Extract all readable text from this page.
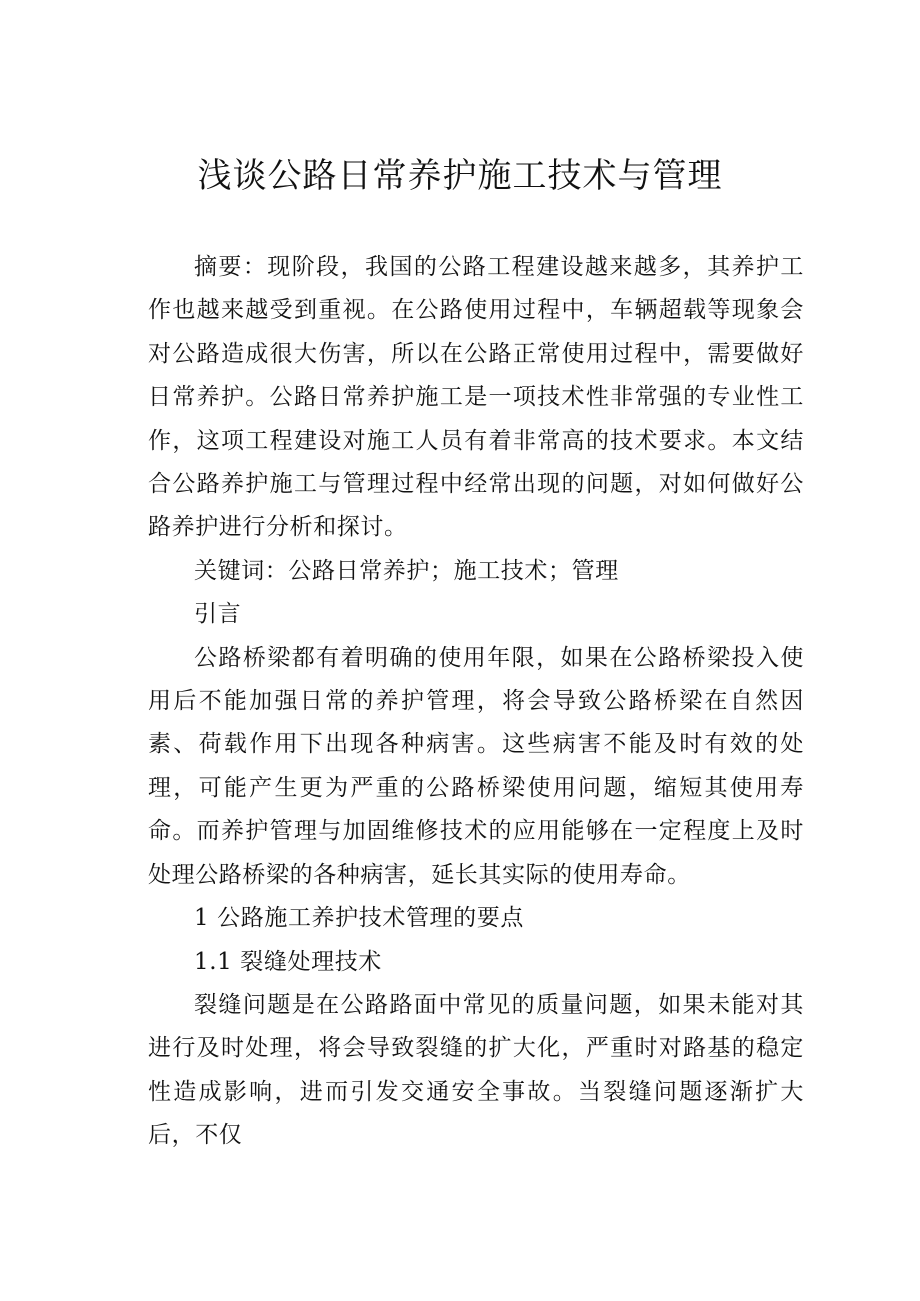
浅谈公路日常养护施工技术与管理

摘要：现阶段，我国的公路工程建设越来越多，其养护工作也越来越受到重视。在公路使用过程中，车辆超载等现象会对公路造成很大伤害，所以在公路正常使用过程中，需要做好日常养护。公路日常养护施工是一项技术性非常强的专业性工作，这项工程建设对施工人员有着非常高的技术要求。本文结合公路养护施工与管理过程中经常出现的问题，对如何做好公路养护进行分析和探讨。

关键词：公路日常养护；施工技术；管理

引言

公路桥梁都有着明确的使用年限，如果在公路桥梁投入使用后不能加强日常的养护管理，将会导致公路桥梁在自然因素、荷载作用下出现各种病害。这些病害不能及时有效的处理，可能产生更为严重的公路桥梁使用问题，缩短其使用寿命。而养护管理与加固维修技术的应用能够在一定程度上及时处理公路桥梁的各种病害，延长其实际的使用寿命。

1 公路施工养护技术管理的要点

1.1 裂缝处理技术

裂缝问题是在公路路面中常见的质量问题，如果未能对其进行及时处理，将会导致裂缝的扩大化，严重时对路基的稳定性造成影响，进而引发交通安全事故。当裂缝问题逐渐扩大后，不仅
